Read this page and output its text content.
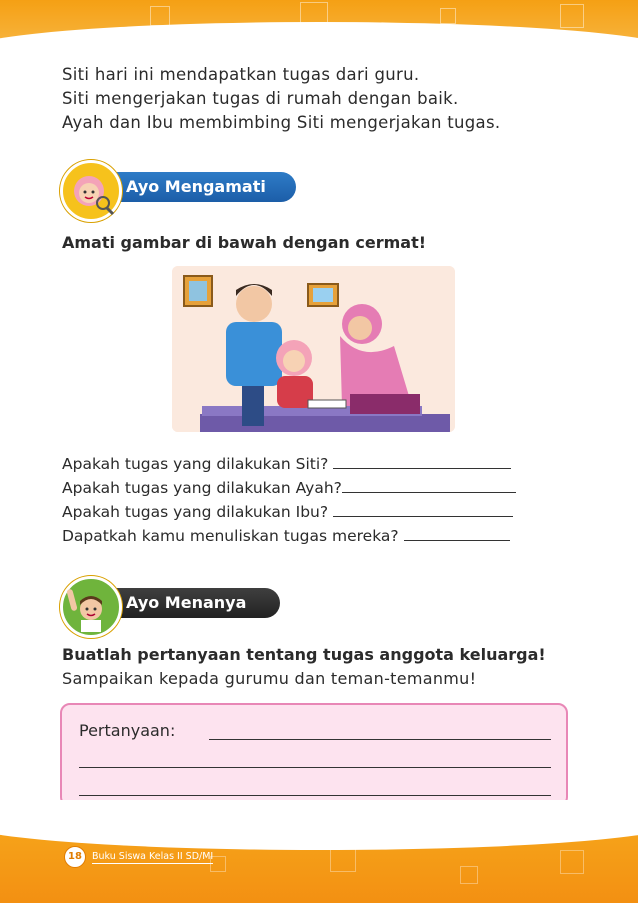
Siti hari ini mendapatkan tugas dari guru.

Siti mengerjakan tugas di rumah dengan baik.

Ayah dan Ibu membimbing Siti mengerjakan tugas.

Ayo Mengamati
Amati gambar di bawah dengan cermat!
Apakah tugas yang dilakukan Siti?
Apakah tugas yang dilakukan Ayah?
Apakah tugas yang dilakukan Ibu?
Dapatkah kamu menuliskan tugas mereka?
Ayo Menanya
Buatlah pertanyaan tentang tugas anggota keluarga!
Sampaikan kepada gurumu dan teman-temanmu!
Pertanyaan:
18	Buku Siswa Kelas II SD/MI
